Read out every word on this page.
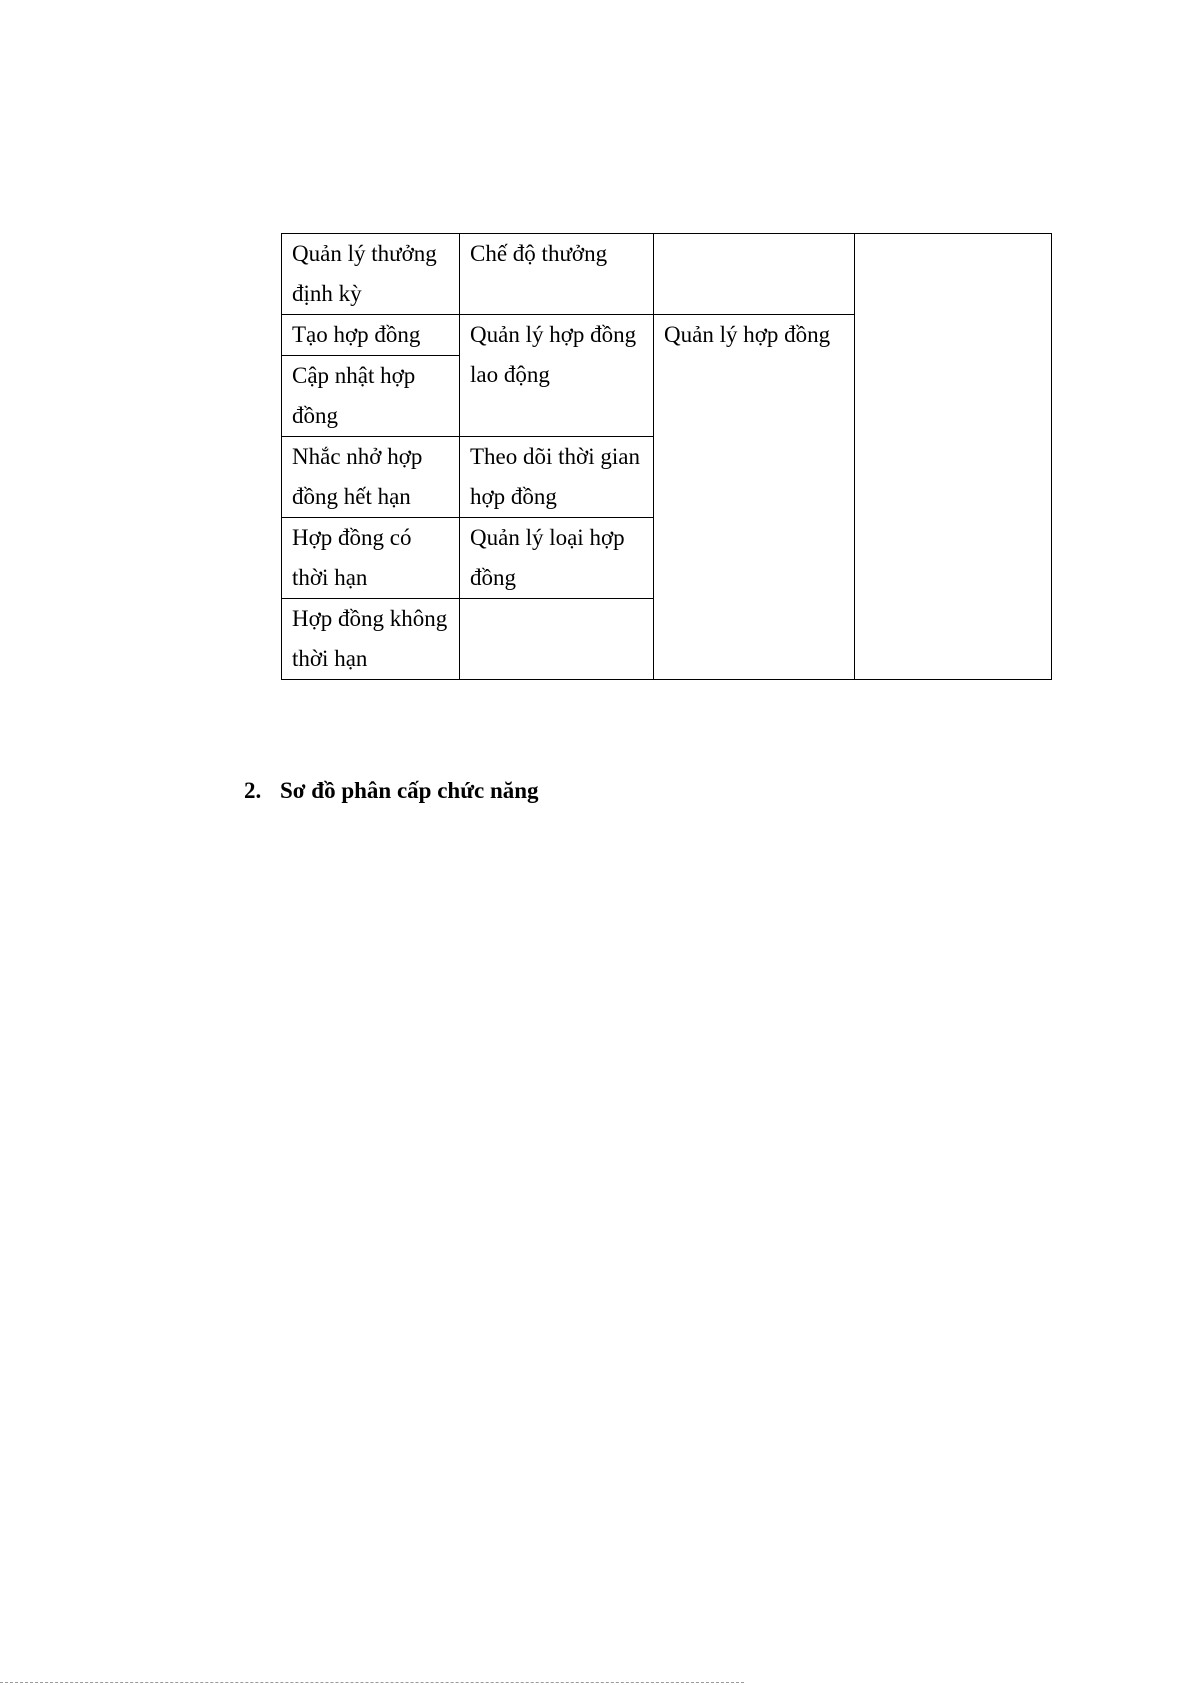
Quản lý thưởng định kỳ	Chế độ thưởng		

Tạo hợp đồng	Quản lý hợp đồng lao động	Quản lý hợp đồng	
Cập nhật hợp đồng			

Nhắc nhở hợp đồng hết hạn	Theo dõi thời gian hợp đồng		

Hợp đồng có thời hạn	Quản lý loại hợp đồng		

Hợp đồng không thời hạn			

2. Sơ đồ phân cấp chức năng
